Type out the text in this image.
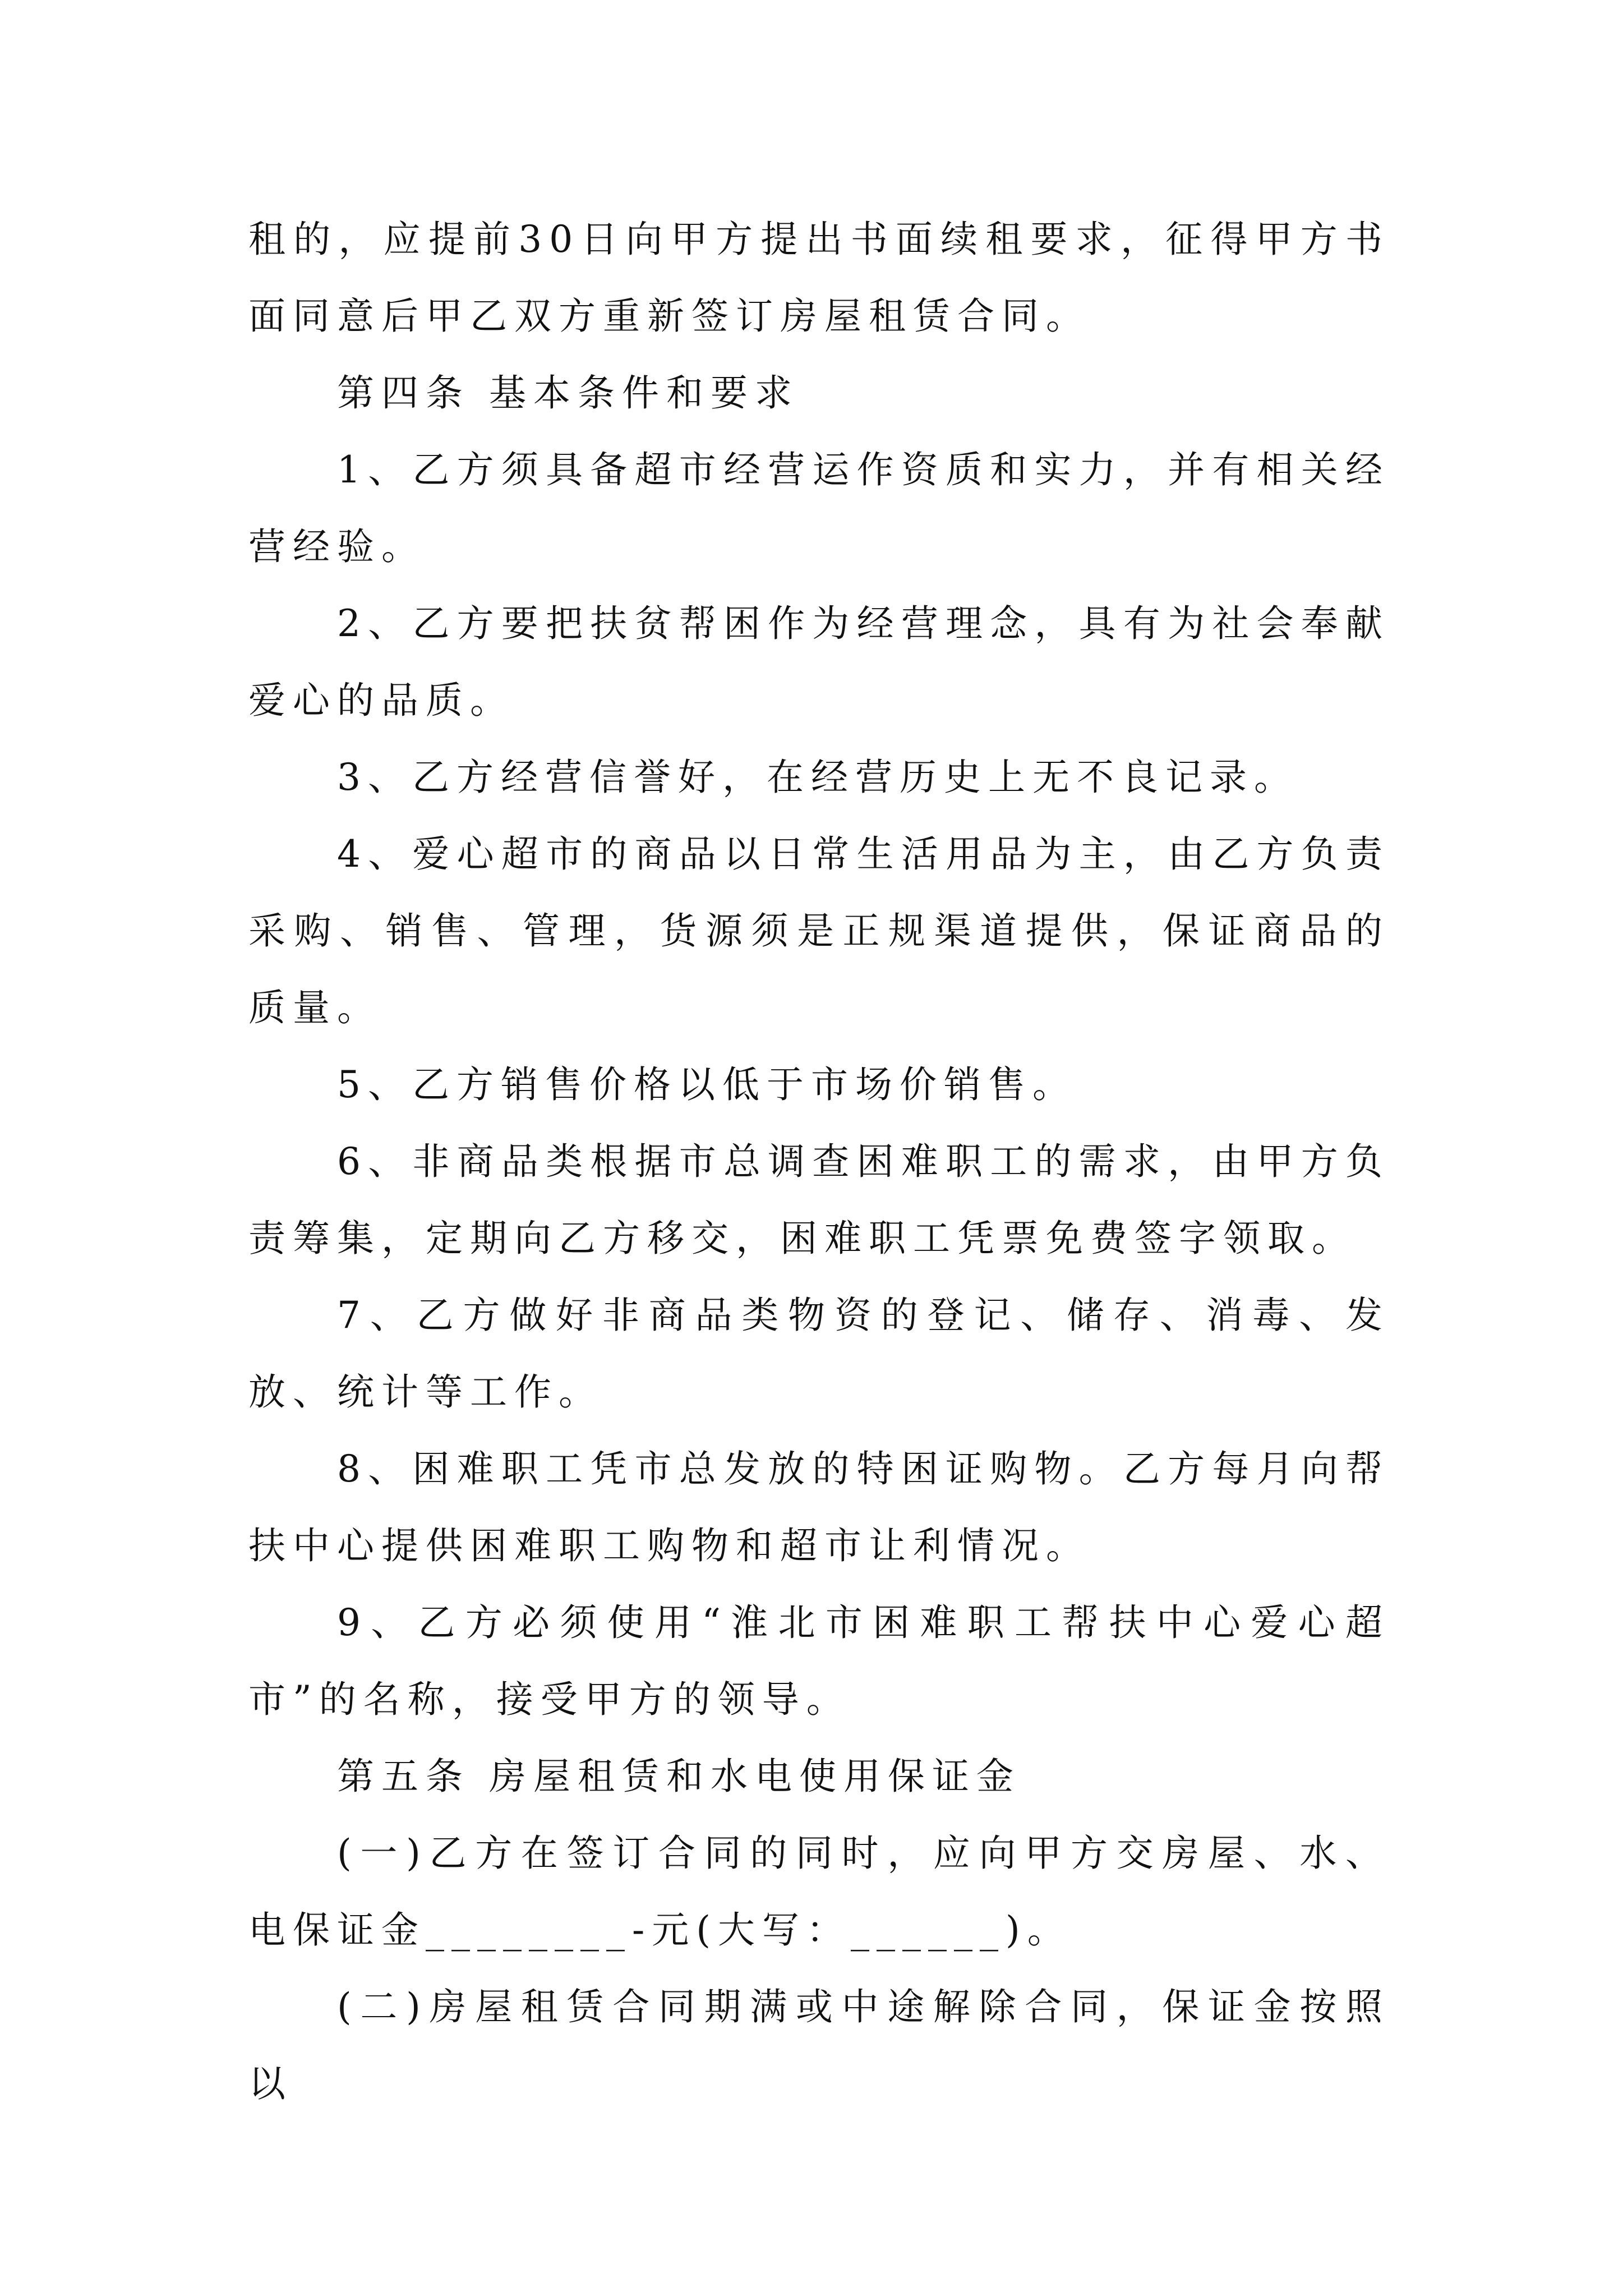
租的，应提前30日向甲方提出书面续租要求，征得甲方书面同意后甲乙双方重新签订房屋租赁合同。

第四条 基本条件和要求

1、乙方须具备超市经营运作资质和实力，并有相关经营经验。

2、乙方要把扶贫帮困作为经营理念，具有为社会奉献爱心的品质。

3、乙方经营信誉好，在经营历史上无不良记录。

4、爱心超市的商品以日常生活用品为主，由乙方负责采购、销售、管理，货源须是正规渠道提供，保证商品的质量。

5、乙方销售价格以低于市场价销售。

6、非商品类根据市总调查困难职工的需求，由甲方负责筹集，定期向乙方移交，困难职工凭票免费签字领取。

7、乙方做好非商品类物资的登记、储存、消毒、发放、统计等工作。

8、困难职工凭市总发放的特困证购物。乙方每月向帮扶中心提供困难职工购物和超市让利情况。

9、乙方必须使用“淮北市困难职工帮扶中心爱心超市”的名称，接受甲方的领导。

第五条 房屋租赁和水电使用保证金

(一)乙方在签订合同的同时，应向甲方交房屋、水、电保证金________-元(大写：______)。

(二)房屋租赁合同期满或中途解除合同，保证金按照以
